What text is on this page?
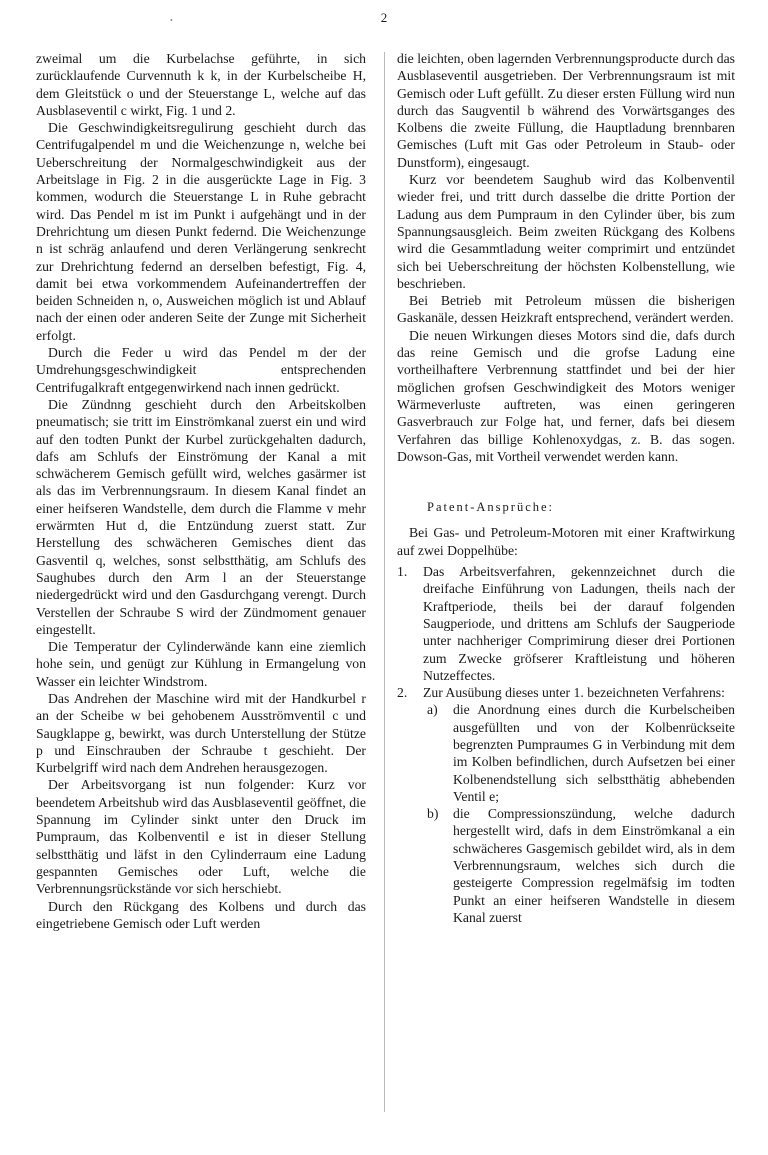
2
•

zweimal um die Kurbelachse geführte, in sich zurücklaufende Curvennuth k k, in der Kurbelscheibe H, dem Gleitstück o und der Steuerstange L, welche auf das Ausblaseventil c wirkt, Fig. 1 und 2.

Die Geschwindigkeitsregulirung geschieht durch das Centrifugalpendel m und die Weichenzunge n, welche bei Ueberschreitung der Normalgeschwindigkeit aus der Arbeitslage in Fig. 2 in die ausgerückte Lage in Fig. 3 kommen, wodurch die Steuerstange L in Ruhe gebracht wird. Das Pendel m ist im Punkt i aufgehängt und in der Drehrichtung um diesen Punkt federnd. Die Weichenzunge n ist schräg anlaufend und deren Verlängerung senkrecht zur Drehrichtung federnd an derselben befestigt, Fig. 4, damit bei etwa vorkommendem Aufeinandertreffen der beiden Schneiden n, o, Ausweichen möglich ist und Ablauf nach der einen oder anderen Seite der Zunge mit Sicherheit erfolgt.

Durch die Feder u wird das Pendel m der der Umdrehungsgeschwindigkeit entsprechenden Centrifugalkraft entgegenwirkend nach innen gedrückt.

Die Zündnng geschieht durch den Arbeitskolben pneumatisch; sie tritt im Einströmkanal zuerst ein und wird auf den todten Punkt der Kurbel zurückgehalten dadurch, dafs am Schlufs der Einströmung der Kanal a mit schwächerem Gemisch gefüllt wird, welches gasärmer ist als das im Verbrennungsraum. In diesem Kanal findet an einer heifseren Wandstelle, dem durch die Flamme v mehr erwärmten Hut d, die Entzündung zuerst statt. Zur Herstellung des schwächeren Gemisches dient das Gasventil q, welches, sonst selbstthätig, am Schlufs des Saughubes durch den Arm l an der Steuerstange niedergedrückt wird und den Gasdurchgang verengt. Durch Verstellen der Schraube S wird der Zündmoment genauer eingestellt.

Die Temperatur der Cylinderwände kann eine ziemlich hohe sein, und genügt zur Kühlung in Ermangelung von Wasser ein leichter Windstrom.

Das Andrehen der Maschine wird mit der Handkurbel r an der Scheibe w bei gehobenem Ausströmventil c und Saugklappe g, bewirkt, was durch Unterstellung der Stütze p und Einschrauben der Schraube t geschieht. Der Kurbelgriff wird nach dem Andrehen herausgezogen.

Der Arbeitsvorgang ist nun folgender: Kurz vor beendetem Arbeitshub wird das Ausblaseventil geöffnet, die Spannung im Cylinder sinkt unter den Druck im Pumpraum, das Kolbenventil e ist in dieser Stellung selbstthätig und läfst in den Cylinderraum eine Ladung gespannten Gemisches oder Luft, welche die Verbrennungsrückstände vor sich herschiebt.

Durch den Rückgang des Kolbens und durch das eingetriebene Gemisch oder Luft werden

die leichten, oben lagernden Verbrennungsproducte durch das Ausblaseventil ausgetrieben. Der Verbrennungsraum ist mit Gemisch oder Luft gefüllt. Zu dieser ersten Füllung wird nun durch das Saugventil b während des Vorwärtsganges des Kolbens die zweite Füllung, die Hauptladung brennbaren Gemisches (Luft mit Gas oder Petroleum in Staub- oder Dunstform), eingesaugt.

Kurz vor beendetem Saughub wird das Kolbenventil wieder frei, und tritt durch dasselbe die dritte Portion der Ladung aus dem Pumpraum in den Cylinder über, bis zum Spannungsausgleich. Beim zweiten Rückgang des Kolbens wird die Gesammtladung weiter comprimirt und entzündet sich bei Ueberschreitung der höchsten Kolbenstellung, wie beschrieben.

Bei Betrieb mit Petroleum müssen die bisherigen Gaskanäle, dessen Heizkraft entsprechend, verändert werden.

Die neuen Wirkungen dieses Motors sind die, dafs durch das reine Gemisch und die grofse Ladung eine vortheilhaftere Verbrennung stattfindet und bei der hier möglichen grofsen Geschwindigkeit des Motors weniger Wärmeverluste auftreten, was einen geringeren Gasverbrauch zur Folge hat, und ferner, dafs bei diesem Verfahren das billige Kohlenoxydgas, z. B. das sogen. Dowson-Gas, mit Vortheil verwendet werden kann.

Patent-Ansprüche:

Bei Gas- und Petroleum-Motoren mit einer Kraftwirkung auf zwei Doppelhübe:

1.	Das Arbeitsverfahren, gekennzeichnet durch die dreifache Einführung von Ladungen, theils nach der Kraftperiode, theils bei der darauf folgenden Saugperiode, und drittens am Schlufs der Saugperiode unter nachheriger Comprimirung dieser drei Portionen zum Zwecke gröfserer Kraftleistung und höheren Nutzeffectes.
2.	Zur Ausübung dieses unter 1. bezeichneten Verfahrens:
a)	die Anordnung eines durch die Kurbelscheiben ausgefüllten und von der Kolbenrückseite begrenzten Pumpraumes G in Verbindung mit dem im Kolben befindlichen, durch Aufsetzen bei einer Kolbenendstellung sich selbstthätig abhebenden Ventil e;
b)	die Compressionszündung, welche dadurch hergestellt wird, dafs in dem Einströmkanal a ein schwächeres Gasgemisch gebildet wird, als in dem Verbrennungsraum, welches sich durch die gesteigerte Compression regelmäfsig im todten Punkt an einer heifseren Wandstelle in diesem Kanal zuerst
